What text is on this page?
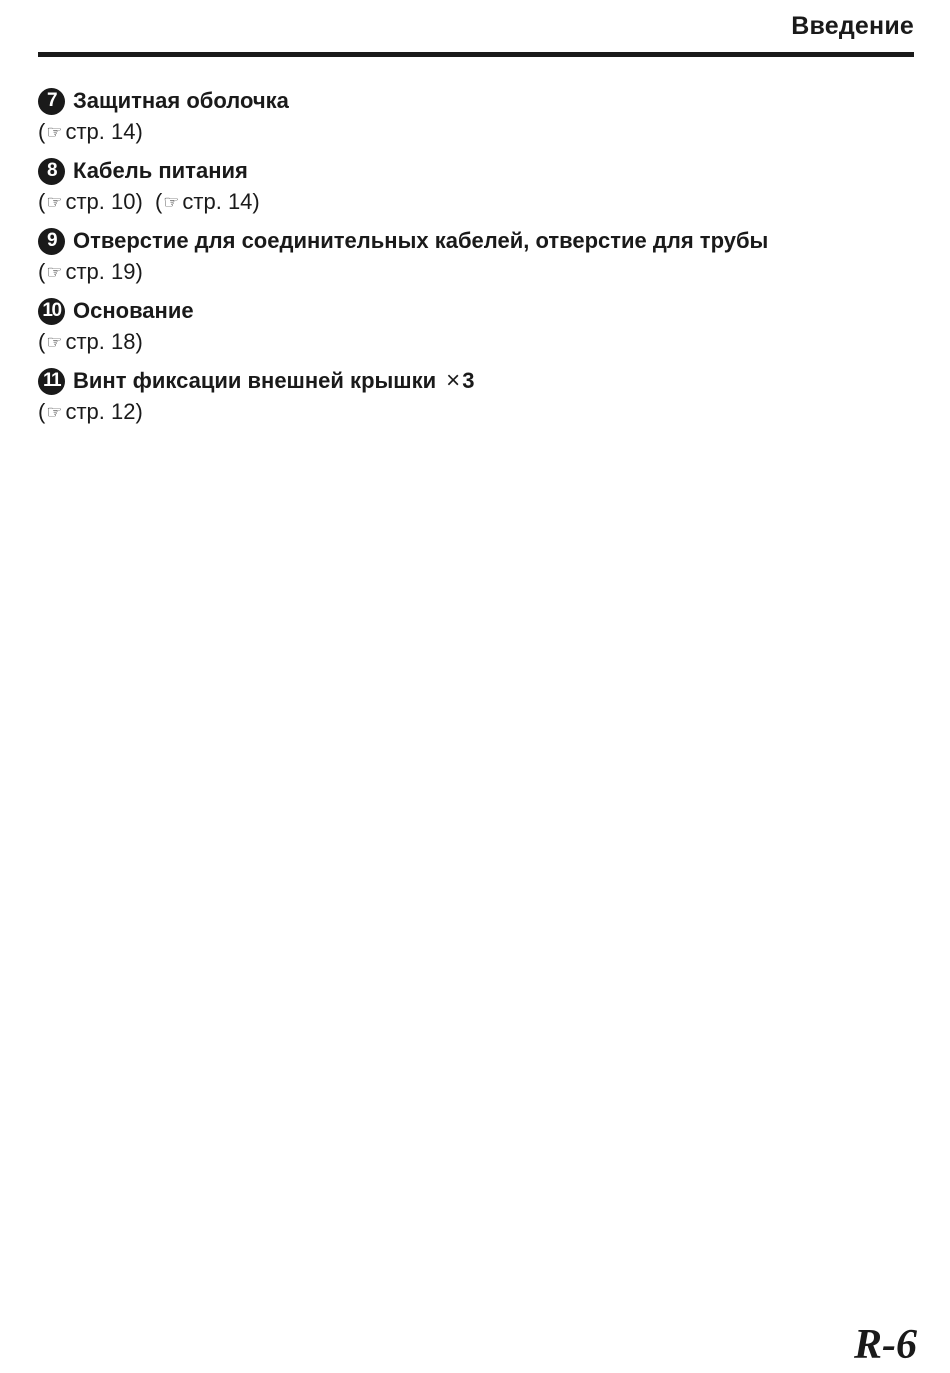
Введение
7 Защитная оболочка
(☞ стр. 14)
8 Кабель питания
(☞ стр. 10) (☞ стр. 14)
9 Отверстие для соединительных кабелей, отверстие для трубы
(☞ стр. 19)
10 Основание
(☞ стр. 18)
11 Винт фиксации внешней крышки × 3
(☞ стр. 12)
R-6
